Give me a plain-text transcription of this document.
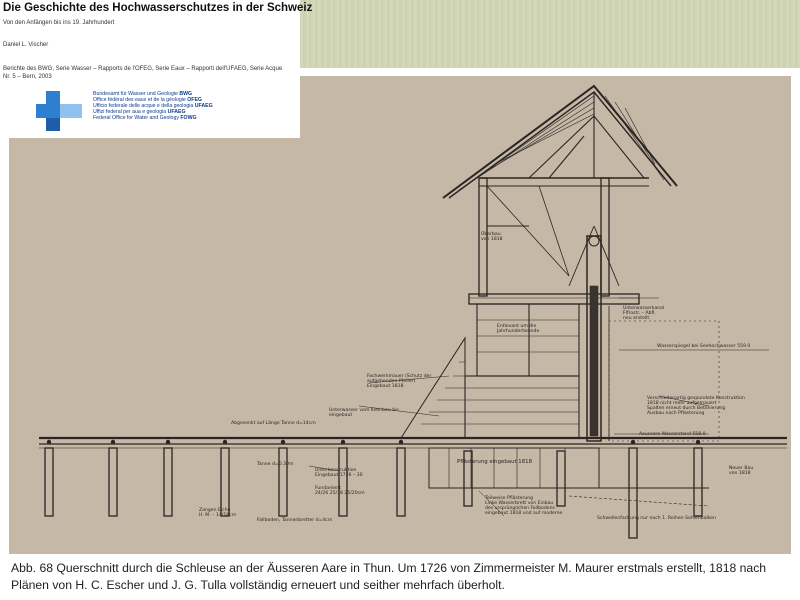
Überbau
von 1818
Entlevant um die
Jahrhundertwende
Unterwasserkanal
Flfrostr. – Abfl.
neu erstellt
Wasserspiegel bei Seehochwasser 559.0
Fachwerkmauer (Schutz der
aufgehenden Pfeiler)
Eingebaut 1818
Unterwasser vom Kleinbau bis
eingebaut
Verschiedenartig gespundete Konstruktion
1818 nicht mehr aufgemauert
Spalten erneut durch Betonierung
Ausbau nach Pflasterung
Abgesenkt auf Länge Tanne d=14cm
Aeussere Wasserstand 558.0
Tanne d=0.30m
Unterkonstruktion
Eingebaut 1726 – 30
Fundament
24/26 25/18 25/20cm
Pflästerung eingebaut 1818
Zangen Eiche
H. M. – 14/18cm
Fallboden, Tannenbretter d=4cm
Teilweise Pflästerung
Linke Wasserbrett von Einbau
des ursprünglichen Fallbodens
eingebaut 1818 und auf moderne
Schwellenfachung nur nach 1. Reihen Sohlenbalken
Neuer Bau
von 1818
Die Geschichte des Hochwasserschutzes in der Schweiz
Von den Anfängen bis ins 19. Jahrhundert
Daniel L. Vischer
Berichte des BWG, Serie Wasser – Rapports de l'OFEG, Serie Eaux – Rapporti dell'UFAEG, Serie Acque
Nr. 5 – Bern, 2003
Bundesamt für Wasser und Geologie BWG
Office fédéral des eaux et de la géologie OFEG
Ufficio federale delle acque e della geologia UFAEG
Uffizi federal per aua e geologia UFAEG
Federal Office for Water and Geology FOWG
Abb. 68 Querschnitt durch die Schleuse an der Äusseren Aare in Thun. Um 1726 von Zimmermeister M. Maurer erstmals erstellt, 1818 nach Plänen von H. C. Escher und J. G. Tulla vollständig erneuert und seither mehrfach überholt.
